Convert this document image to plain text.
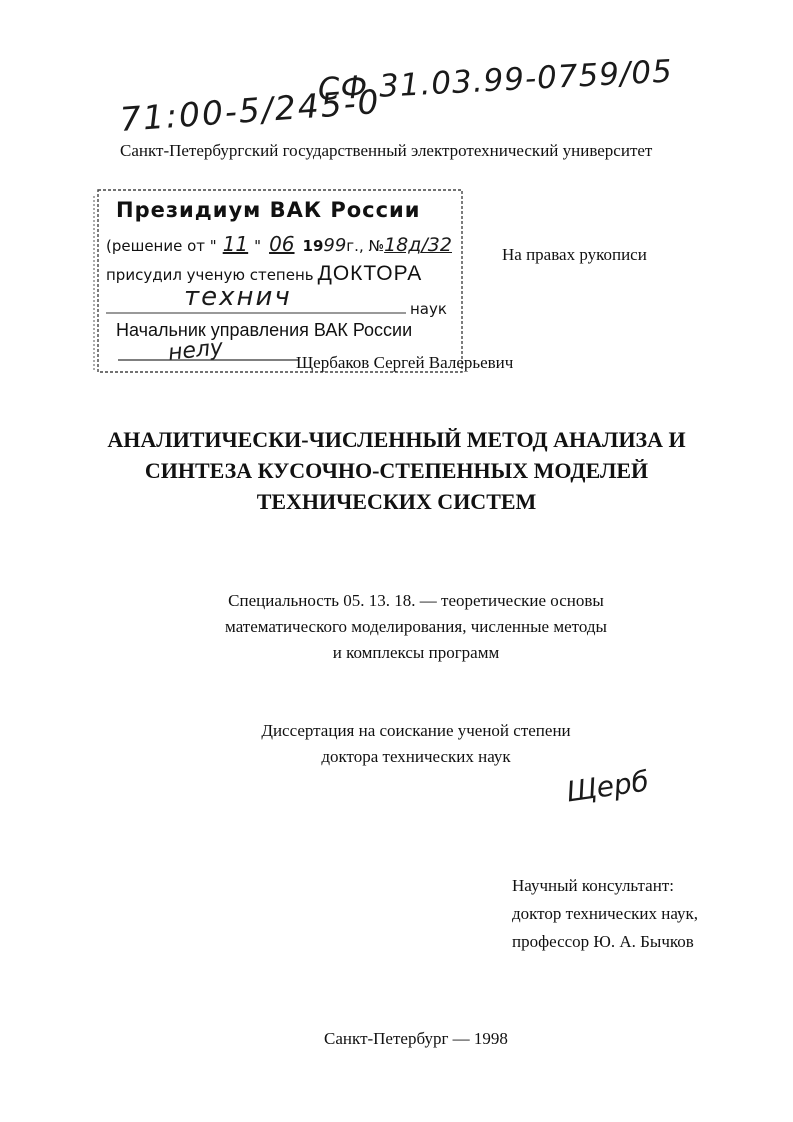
СФ 31.03.99-0759/05
71:00-5/245-0
Санкт-Петербургский государственный электротехнический университет
Президиум ВАК России
(решение от " 11 " 06 1999г., №18д/32
присудил ученую степень ДОКТОРА
технич	наук
Начальник управления ВАК России
нелу
На правах рукописи
Щербаков Сергей Валерьевич
АНАЛИТИЧЕСКИ-ЧИСЛЕННЫЙ МЕТОД АНАЛИЗА И
СИНТЕЗА КУСОЧНО-СТЕПЕННЫХ МОДЕЛЕЙ
ТЕХНИЧЕСКИХ СИСТЕМ
Специальность 05. 13. 18. — теоретические основы
математического моделирования, численные методы
и комплексы программ
Диссертация на соискание ученой степени
доктора технических наук
Щерб
Научный консультант:
доктор технических наук,
профессор Ю. А. Бычков
Санкт-Петербург — 1998
